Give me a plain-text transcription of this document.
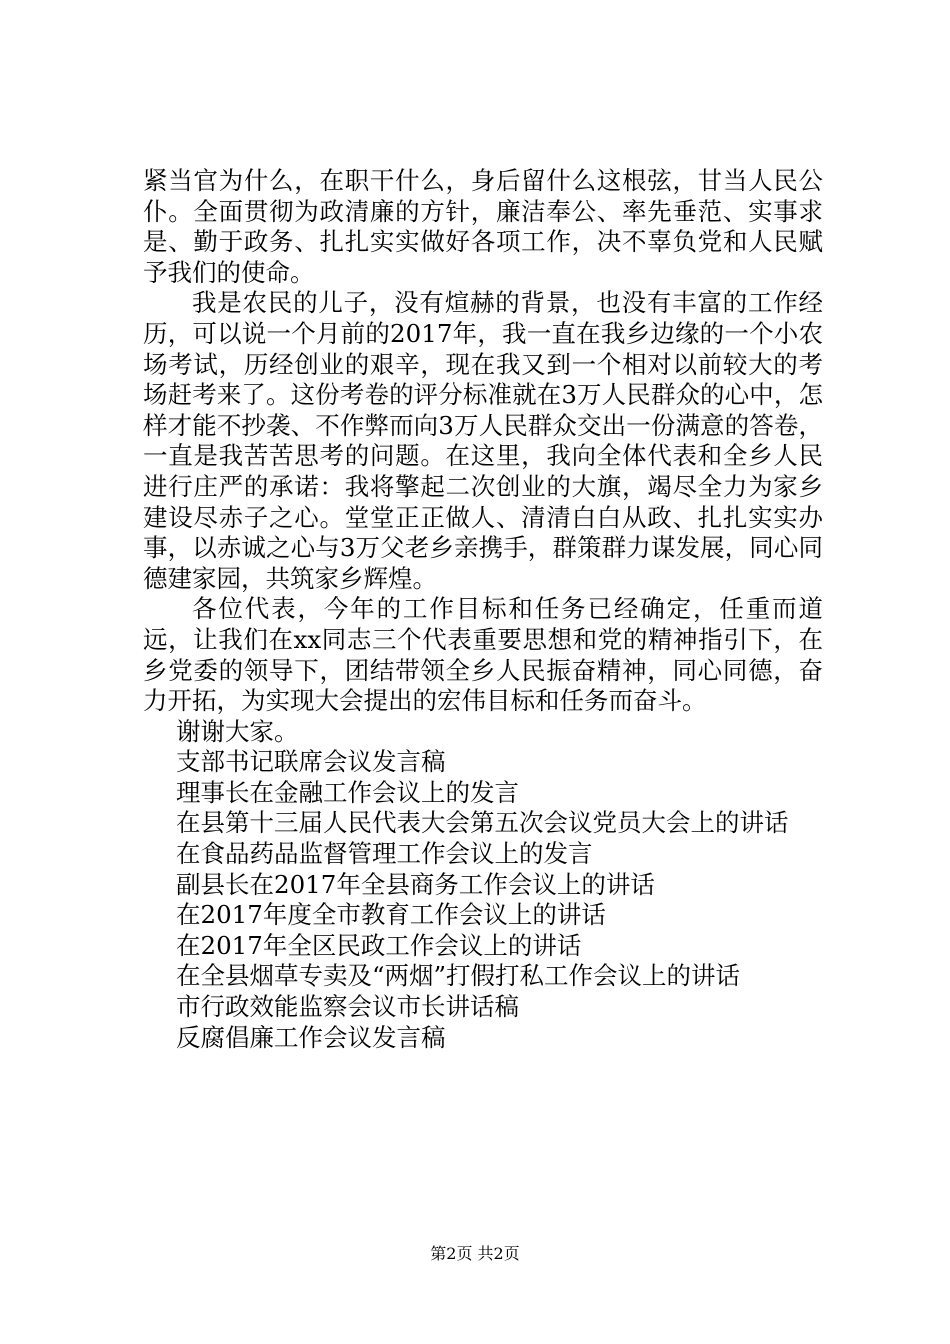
紧当官为什么，在职干什么，身后留什么这根弦，甘当人民公仆。全面贯彻为政清廉的方针，廉洁奉公、率先垂范、实事求是、勤于政务、扎扎实实做好各项工作，决不辜负党和人民赋予我们的使命。

我是农民的儿子，没有煊赫的背景，也没有丰富的工作经历，可以说一个月前的2017年，我一直在我乡边缘的一个小农场考试，历经创业的艰辛，现在我又到一个相对以前较大的考场赶考来了。这份考卷的评分标准就在3万人民群众的心中，怎样才能不抄袭、不作弊而向3万人民群众交出一份满意的答卷，一直是我苦苦思考的问题。在这里，我向全体代表和全乡人民进行庄严的承诺：我将擎起二次创业的大旗，竭尽全力为家乡建设尽赤子之心。堂堂正正做人、清清白白从政、扎扎实实办事，以赤诚之心与3万父老乡亲携手，群策群力谋发展，同心同德建家园，共筑家乡辉煌。

各位代表，今年的工作目标和任务已经确定，任重而道远，让我们在xx同志三个代表重要思想和党的精神指引下，在乡党委的领导下，团结带领全乡人民振奋精神，同心同德，奋力开拓，为实现大会提出的宏伟目标和任务而奋斗。

谢谢大家。

支部书记联席会议发言稿

理事长在金融工作会议上的发言

在县第十三届人民代表大会第五次会议党员大会上的讲话

在食品药品监督管理工作会议上的发言

副县长在2017年全县商务工作会议上的讲话

在2017年度全市教育工作会议上的讲话

在2017年全区民政工作会议上的讲话

在全县烟草专卖及“两烟”打假打私工作会议上的讲话

市行政效能监察会议市长讲话稿

反腐倡廉工作会议发言稿

第2页 共2页
